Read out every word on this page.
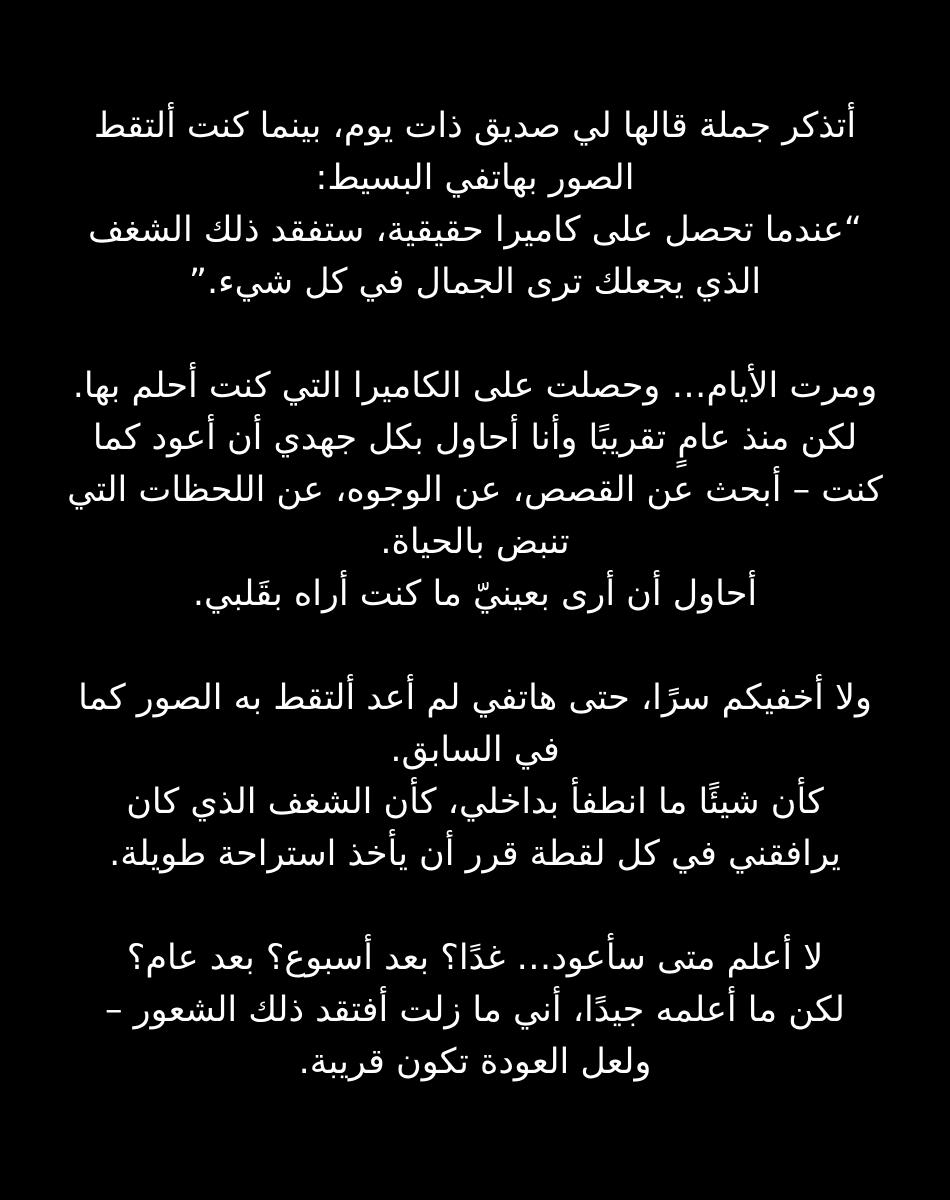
أتذكر جملة قالها لي صديق ذات يوم، بينما كنت ألتقط
الصور بهاتفي البسيط:
“عندما تحصل على كاميرا حقيقية، ستفقد ذلك الشغف
الذي يجعلك ترى الجمال في كل شيء.”

ومرت الأيام… وحصلت على الكاميرا التي كنت أحلم بها.
لكن منذ عامٍ تقريبًا وأنا أحاول بكل جهدي أن أعود كما
كنت – أبحث عن القصص، عن الوجوه، عن اللحظات التي
تنبض بالحياة.
أحاول أن أرى بعينيّ ما كنت أراه بقَلبي.

ولا أخفيكم سرًا، حتى هاتفي لم أعد ألتقط به الصور كما
في السابق.
كأن شيئًا ما انطفأ بداخلي، كأن الشغف الذي كان
يرافقني في كل لقطة قرر أن يأخذ استراحة طويلة.

لا أعلم متى سأعود… غدًا؟ بعد أسبوع؟ بعد عام؟
لكن ما أعلمه جيدًا، أني ما زلت أفتقد ذلك الشعور –
ولعل العودة تكون قريبة.
